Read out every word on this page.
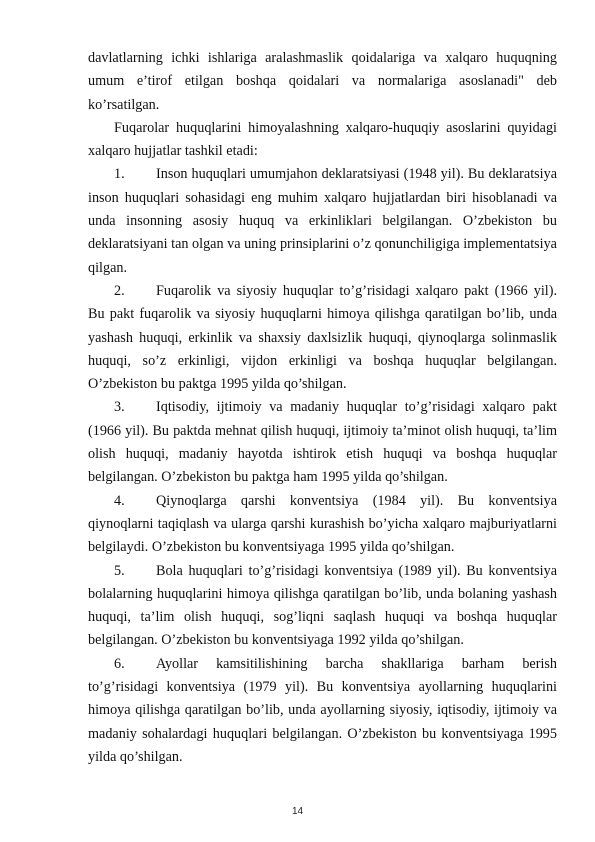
davlatlarning ichki ishlariga aralashmaslik qoidalariga va xalqaro huquqning umum e’tirof etilgan boshqa qoidalari va normalariga asoslanadi" deb ko’rsatilgan.

Fuqarolar huquqlarini himoyalashning xalqaro-huquqiy asoslarini quyidagi xalqaro hujjatlar tashkil etadi:

1. Inson huquqlari umumjahon deklaratsiyasi (1948 yil). Bu deklaratsiya inson huquqlari sohasidagi eng muhim xalqaro hujjatlardan biri hisoblanadi va unda insonning asosiy huquq va erkinliklari belgilangan. O’zbekiston bu deklaratsiyani tan olgan va uning prinsiplarini o’z qonunchiligiga implementatsiya qilgan.

2. Fuqarolik va siyosiy huquqlar to’g’risidagi xalqaro pakt (1966 yil). Bu pakt fuqarolik va siyosiy huquqlarni himoya qilishga qaratilgan bo’lib, unda yashash huquqi, erkinlik va shaxsiy daxlsizlik huquqi, qiynoqlarga solinmaslik huquqi, so’z erkinligi, vijdon erkinligi va boshqa huquqlar belgilangan. O’zbekiston bu paktga 1995 yilda qo’shilgan.

3. Iqtisodiy, ijtimoiy va madaniy huquqlar to’g’risidagi xalqaro pakt (1966 yil). Bu paktda mehnat qilish huquqi, ijtimoiy ta’minot olish huquqi, ta’lim olish huquqi, madaniy hayotda ishtirok etish huquqi va boshqa huquqlar belgilangan. O’zbekiston bu paktga ham 1995 yilda qo’shilgan.

4. Qiynoqlarga qarshi konventsiya (1984 yil). Bu konventsiya qiynoqlarni taqiqlash va ularga qarshi kurashish bo’yicha xalqaro majburiyatlarni belgilaydi. O’zbekiston bu konventsiyaga 1995 yilda qo’shilgan.

5. Bola huquqlari to’g’risidagi konventsiya (1989 yil). Bu konventsiya bolalarning huquqlarini himoya qilishga qaratilgan bo’lib, unda bolaning yashash huquqi, ta’lim olish huquqi, sog’liqni saqlash huquqi va boshqa huquqlar belgilangan. O’zbekiston bu konventsiyaga 1992 yilda qo’shilgan.

6. Ayollar kamsitilishining barcha shakllariga barham berish to’g’risidagi konventsiya (1979 yil). Bu konventsiya ayollarning huquqlarini himoya qilishga qaratilgan bo’lib, unda ayollarning siyosiy, iqtisodiy, ijtimoiy va madaniy sohalardagi huquqlari belgilangan. O’zbekiston bu konventsiyaga 1995 yilda qo’shilgan.

14
